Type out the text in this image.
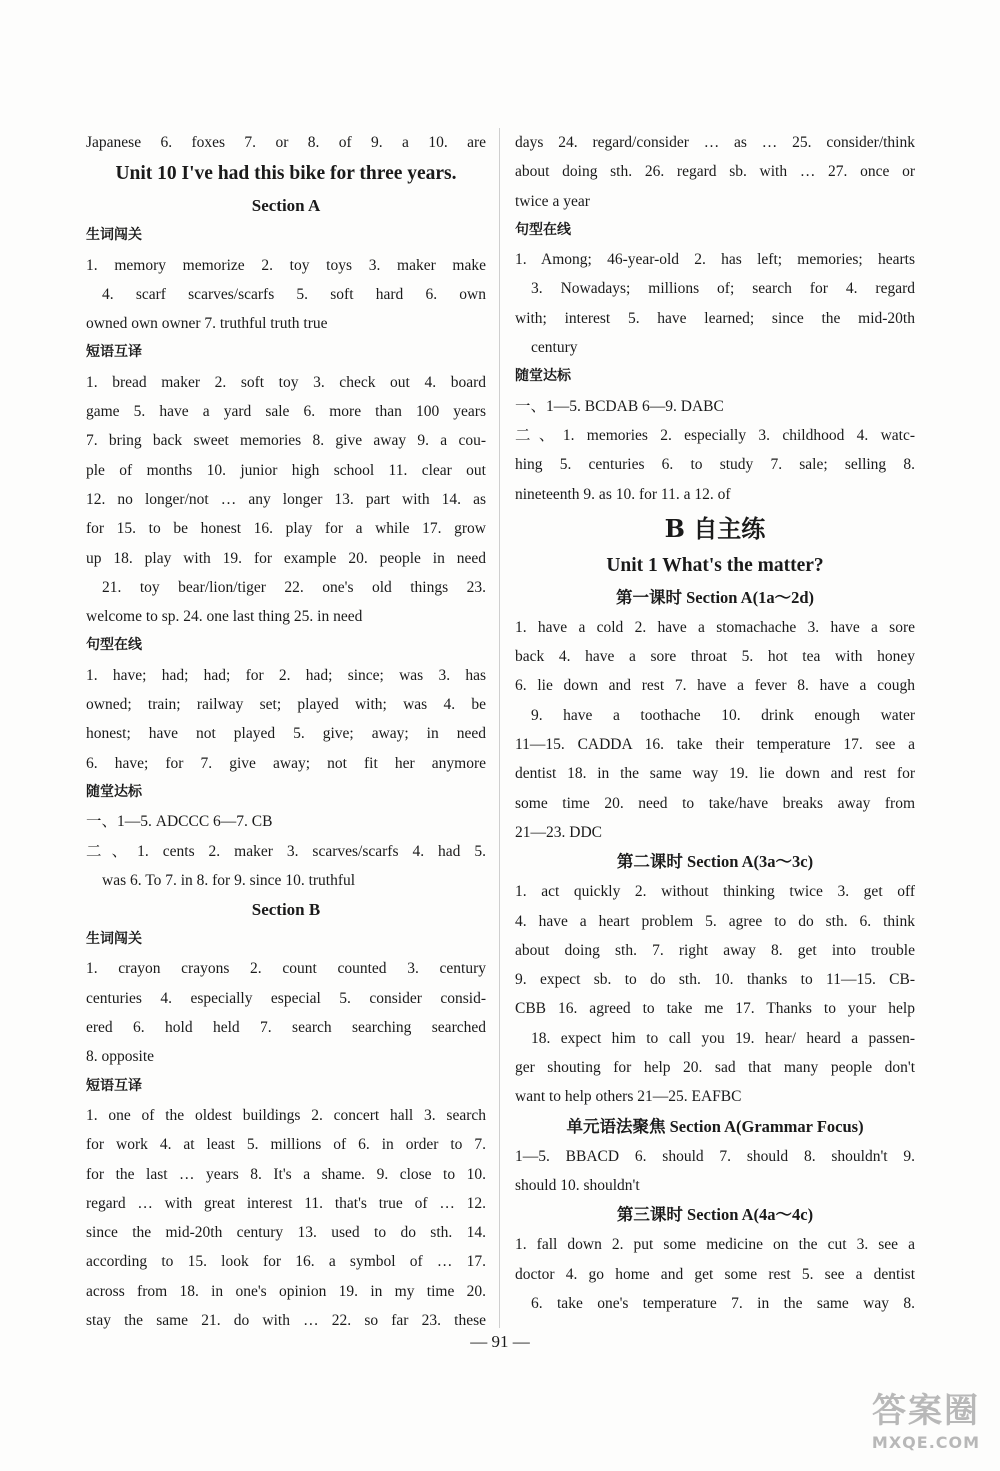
Japanese 6. foxes 7. or 8. of 9. a 10. are
Unit 10 I've had this bike for three years.
Section A
生词闯关
1. memory memorize 2. toy toys 3. maker make
4. scarf scarves/scarfs 5. soft hard 6. own
owned own owner 7. truthful truth true
短语互译
1. bread maker 2. soft toy 3. check out 4. board
game 5. have a yard sale 6. more than 100 years
7. bring back sweet memories 8. give away 9. a cou-
ple of months 10. junior high school 11. clear out
12. no longer/not … any longer 13. part with 14. as
for 15. to be honest 16. play for a while 17. grow
up 18. play with 19. for example 20. people in need
21. toy bear/lion/tiger 22. one's old things 23.
welcome to sp. 24. one last thing 25. in need
句型在线
1. have; had; had; for 2. had; since; was 3. has
owned; train; railway set; played with; was 4. be
honest; have not played 5. give; away; in need
6. have; for 7. give away; not fit her anymore
随堂达标
一、1—5. ADCCC 6—7. CB
二、1. cents 2. maker 3. scarves/scarfs 4. had 5.
was 6. To 7. in 8. for 9. since 10. truthful
Section B
生词闯关
1. crayon crayons 2. count counted 3. century
centuries 4. especially especial 5. consider consid-
ered 6. hold held 7. search searching searched
8. opposite
短语互译
1. one of the oldest buildings 2. concert hall 3. search
for work 4. at least 5. millions of 6. in order to 7.
for the last … years 8. It's a shame. 9. close to 10.
regard … with great interest 11. that's true of … 12.
since the mid-20th century 13. used to do sth. 14.
according to 15. look for 16. a symbol of … 17.
across from 18. in one's opinion 19. in my time 20.
stay the same 21. do with … 22. so far 23. these
days 24. regard/consider … as … 25. consider/think
about doing sth. 26. regard sb. with … 27. once or
twice a year
句型在线
1. Among; 46-year-old 2. has left; memories; hearts
3. Nowadays; millions of; search for 4. regard
with; interest 5. have learned; since the mid-20th
century
随堂达标
一、1—5. BCDAB 6—9. DABC
二、1. memories 2. especially 3. childhood 4. watc-
hing 5. centuries 6. to study 7. sale; selling 8.
nineteenth 9. as 10. for 11. a 12. of
B 自主练
Unit 1 What's the matter?
第一课时 Section A(1a～2d)
1. have a cold 2. have a stomachache 3. have a sore
back 4. have a sore throat 5. hot tea with honey
6. lie down and rest 7. have a fever 8. have a cough
9. have a toothache 10. drink enough water
11—15. CADDA 16. take their temperature 17. see a
dentist 18. in the same way 19. lie down and rest for
some time 20. need to take/have breaks away from
21—23. DDC
第二课时 Section A(3a～3c)
1. act quickly 2. without thinking twice 3. get off
4. have a heart problem 5. agree to do sth. 6. think
about doing sth. 7. right away 8. get into trouble
9. expect sb. to do sth. 10. thanks to 11—15. CB-
CBB 16. agreed to take me 17. Thanks to your help
18. expect him to call you 19. hear/ heard a passen-
ger shouting for help 20. sad that many people don't
want to help others 21—25. EAFBC
单元语法聚焦 Section A(Grammar Focus)
1—5. BBACD 6. should 7. should 8. shouldn't 9.
should 10. shouldn't
第三课时 Section A(4a～4c)
1. fall down 2. put some medicine on the cut 3. see a
doctor 4. go home and get some rest 5. see a dentist
6. take one's temperature 7. in the same way 8.
— 91 —
答案圈
MXQE.COM
